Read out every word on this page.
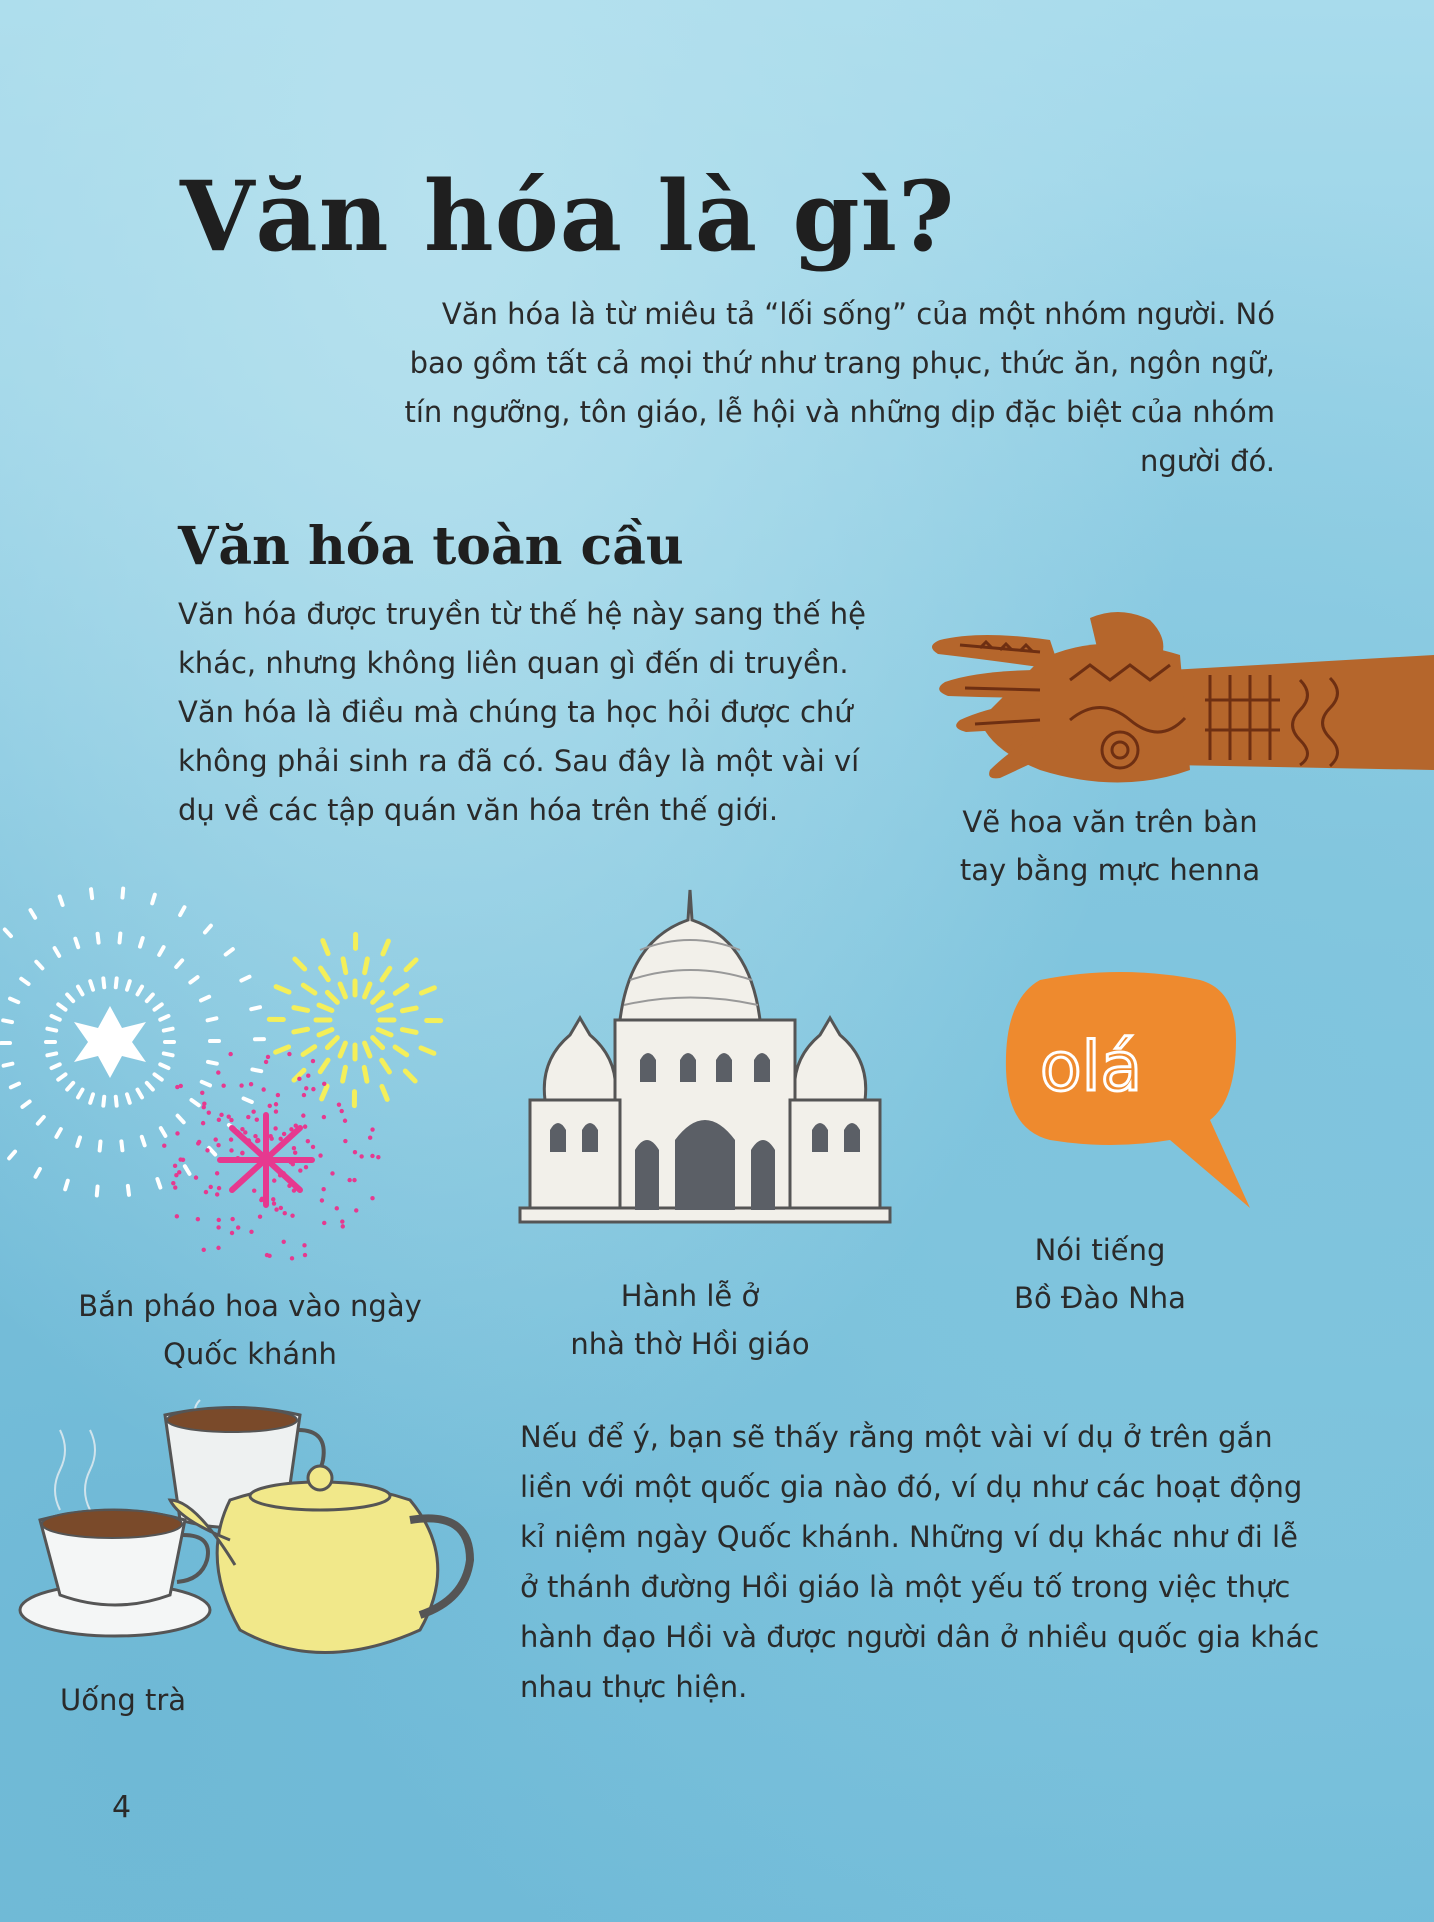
Văn hóa là gì?

Văn hóa là từ miêu tả “lối sống” của một nhóm người. Nó bao gồm tất cả mọi thứ như trang phục, thức ăn, ngôn ngữ, tín ngưỡng, tôn giáo, lễ hội và những dịp đặc biệt của nhóm người đó.

Văn hóa toàn cầu

Văn hóa được truyền từ thế hệ này sang thế hệ khác, nhưng không liên quan gì đến di truyền. Văn hóa là điều mà chúng ta học hỏi được chứ không phải sinh ra đã có. Sau đây là một vài ví dụ về các tập quán văn hóa trên thế giới.	Vẽ hoa văn trên bàn
tay bằng mực henna

Bắn pháo hoa vào ngày
Quốc khánh

Hành lễ ở
nhà thờ Hồi giáo

olá

Nói tiếng
Bồ Đào Nha

Uống trà

Nếu để ý, bạn sẽ thấy rằng một vài ví dụ ở trên gắn liền với một quốc gia nào đó, ví dụ như các hoạt động kỉ niệm ngày Quốc khánh. Những ví dụ khác như đi lễ ở thánh đường Hồi giáo là một yếu tố trong việc thực hành đạo Hồi và được người dân ở nhiều quốc gia khác nhau thực hiện.

4
